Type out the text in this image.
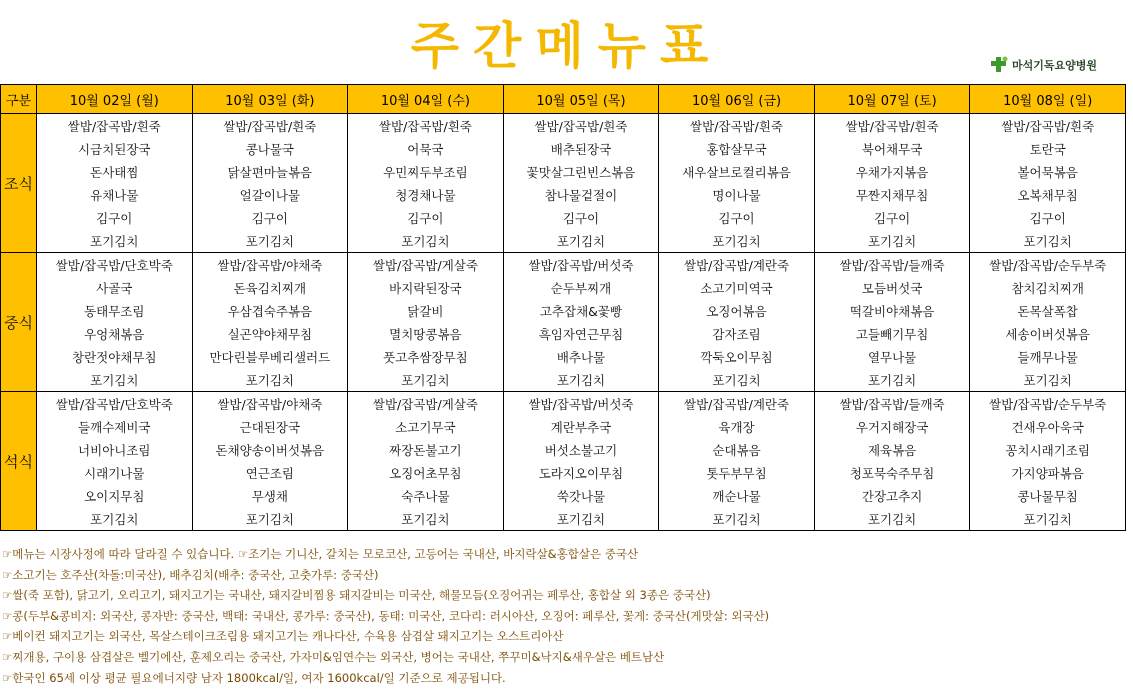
주간메뉴표	마석기독요양병원
구분	10월 02일 (월)	10월 03일 (화)	10월 04일 (수)	10월 05일 (목)	10월 06일 (금)	10월 07일 (토)	10월 08일 (일)
조식	쌀밥/잡곡밥/흰죽	쌀밥/잡곡밥/흰죽	쌀밥/잡곡밥/흰죽	쌀밥/잡곡밥/흰죽	쌀밥/잡곡밥/흰죽	쌀밥/잡곡밥/흰죽	쌀밥/잡곡밥/흰죽
	시금치된장국	콩나물국	어묵국	배추된장국	홍합살무국	북어채무국	토란국
	돈사태찜	닭살편마늘볶음	우민찌두부조림	꽃맛살그린빈스볶음	새우살브로컬리볶음	우채가지볶음	볼어묵볶음
	유채나물	얼갈이나물	청경채나물	참나물겉절이	명이나물	무짠지채무침	오복채무침
	김구이	김구이	김구이	김구이	김구이	김구이	김구이
	포기김치	포기김치	포기김치	포기김치	포기김치	포기김치	포기김치
중식	쌀밥/잡곡밥/단호박죽	쌀밥/잡곡밥/야채죽	쌀밥/잡곡밥/게살죽	쌀밥/잡곡밥/버섯죽	쌀밥/잡곡밥/계란죽	쌀밥/잡곡밥/들깨죽	쌀밥/잡곡밥/순두부죽
	사골국	돈육김치찌개	바지락된장국	순두부찌개	소고기미역국	모듬버섯국	참치김치찌개
	동태무조림	우삼겹숙주볶음	닭갈비	고추잡채&꽃빵	오징어볶음	떡갈비야채볶음	돈목살폭찹
	우엉채볶음	실곤약야채무침	멸치땅콩볶음	흑임자연근무침	감자조림	고들빼기무침	세송이버섯볶음
	창란젓야채무침	만다린블루베리샐러드	풋고추쌈장무침	배추나물	깍둑오이무침	열무나물	들깨무나물
	포기김치	포기김치	포기김치	포기김치	포기김치	포기김치	포기김치
석식	쌀밥/잡곡밥/단호박죽	쌀밥/잡곡밥/야채죽	쌀밥/잡곡밥/게살죽	쌀밥/잡곡밥/버섯죽	쌀밥/잡곡밥/계란죽	쌀밥/잡곡밥/들깨죽	쌀밥/잡곡밥/순두부죽
	들깨수제비국	근대된장국	소고기무국	계란부추국	육개장	우거지해장국	건새우아욱국
	너비아니조림	돈채양송이버섯볶음	짜장돈불고기	버섯소불고기	순대볶음	제육볶음	꽁치시래기조림
	시래기나물	연근조림	오징어초무침	도라지오이무침	톳두부무침	청포묵숙주무침	가지양파볶음
	오이지무침	무생채	숙주나물	쑥갓나물	깨순나물	간장고추지	콩나물무침
	포기김치	포기김치	포기김치	포기김치	포기김치	포기김치	포기김치
☞메뉴는 시장사정에 따라 달라질 수 있습니다. ☞조기는 기니산, 갈치는 모로코산, 고등어는 국내산, 바지락살&홍합살은 중국산
☞소고기는 호주산(차돌:미국산), 배추김치(배추: 중국산, 고춧가루: 중국산)
☞쌀(죽 포함), 닭고기, 오리고기, 돼지고기는 국내산, 돼지갈비찜용 돼지갈비는 미국산, 해물모듬(오징어귀는 페루산, 홍합살 외 3종은 중국산)
☞콩(두부&콩비지: 외국산, 콩자반: 중국산, 백태: 국내산, 콩가루: 중국산), 동태: 미국산, 코다리: 러시아산, 오징어: 페루산, 꽃게: 중국산(게맛살: 외국산)
☞베이컨 돼지고기는 외국산, 목살스테이크조림용 돼지고기는 캐나다산, 수육용 삼겹살 돼지고기는 오스트리아산
☞찌개용, 구이용 삼겹살은 벨기에산, 훈제오리는 중국산, 가자미&임연수는 외국산, 병어는 국내산, 쭈꾸미&낙지&새우살은 베트남산
☞한국인 65세 이상 평균 필요에너지량 남자 1800kcal/일, 여자 1600kcal/일 기준으로 제공됩니다.
